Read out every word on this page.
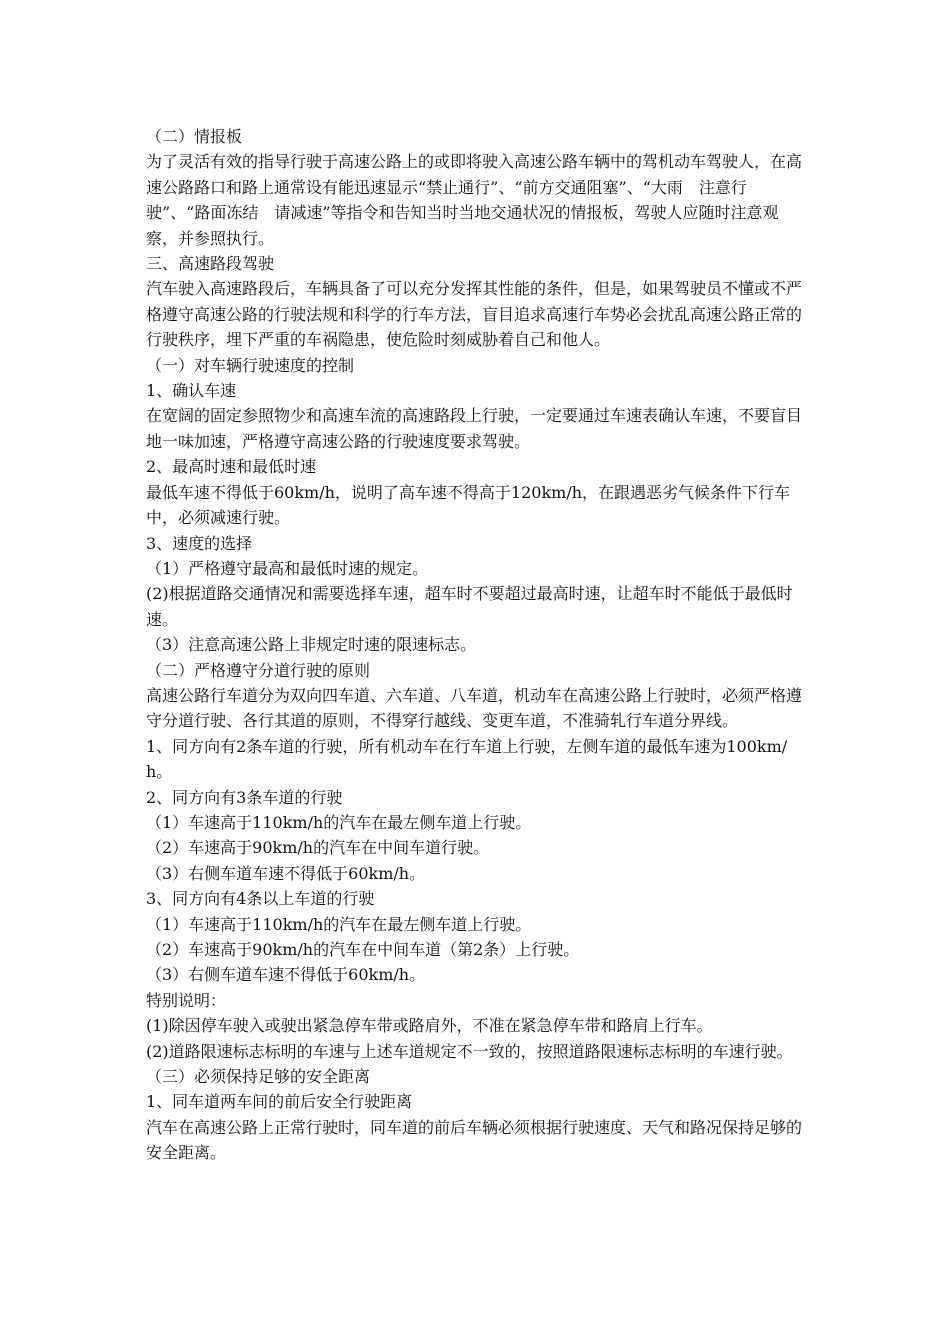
（二）情报板

为了灵活有效的指导行驶于高速公路上的或即将驶入高速公路车辆中的驾机动车驾驶人，在高速公路路口和路上通常设有能迅速显示“禁止通行”、“前方交通阻塞”、“大雨　注意行驶”、“路面冻结　请减速”等指令和告知当时当地交通状况的情报板，驾驶人应随时注意观察，并参照执行。

三、高速路段驾驶

汽车驶入高速路段后，车辆具备了可以充分发挥其性能的条件，但是，如果驾驶员不懂或不严格遵守高速公路的行驶法规和科学的行车方法，盲目追求高速行车势必会扰乱高速公路正常的行驶秩序，埋下严重的车祸隐患，使危险时刻威胁着自己和他人。

（一）对车辆行驶速度的控制

1、确认车速

在宽阔的固定参照物少和高速车流的高速路段上行驶，一定要通过车速表确认车速，不要盲目地一味加速，严格遵守高速公路的行驶速度要求驾驶。

2、最高时速和最低时速

最低车速不得低于60km/h，说明了高车速不得高于120km/h，在跟遇恶劣气候条件下行车中，必须减速行驶。

3、速度的选择

（1）严格遵守最高和最低时速的规定。

(2)根据道路交通情况和需要选择车速，超车时不要超过最高时速，让超车时不能低于最低时速。

（3）注意高速公路上非规定时速的限速标志。

（二）严格遵守分道行驶的原则

高速公路行车道分为双向四车道、六车道、八车道，机动车在高速公路上行驶时，必须严格遵守分道行驶、各行其道的原则，不得穿行越线、变更车道，不准骑轧行车道分界线。

1、同方向有2条车道的行驶，所有机动车在行车道上行驶，左侧车道的最低车速为100km/h。

2、同方向有3条车道的行驶

（1）车速高于110km/h的汽车在最左侧车道上行驶。

（2）车速高于90km/h的汽车在中间车道行驶。

（3）右侧车道车速不得低于60km/h。

3、同方向有4条以上车道的行驶

（1）车速高于110km/h的汽车在最左侧车道上行驶。

（2）车速高于90km/h的汽车在中间车道（第2条）上行驶。

（3）右侧车道车速不得低于60km/h。

特别说明：

(1)除因停车驶入或驶出紧急停车带或路肩外，不准在紧急停车带和路肩上行车。

(2)道路限速标志标明的车速与上述车道规定不一致的，按照道路限速标志标明的车速行驶。

（三）必须保持足够的安全距离

1、同车道两车间的前后安全行驶距离

汽车在高速公路上正常行驶时，同车道的前后车辆必须根据行驶速度、天气和路况保持足够的安全距离。
